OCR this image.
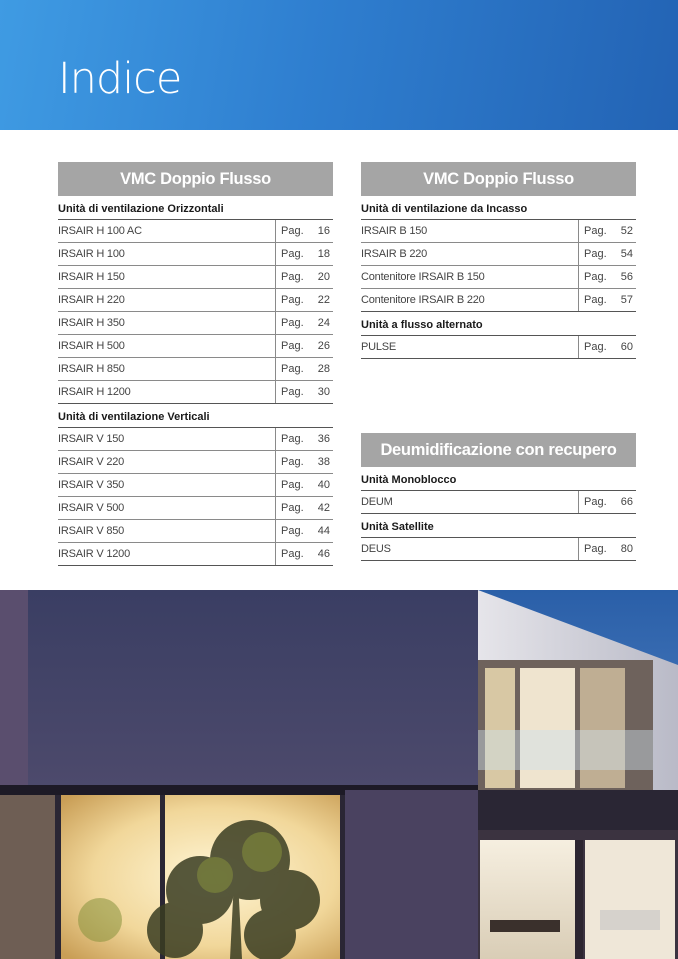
Indice
VMC Doppio Flusso
Unità di ventilazione Orizzontali
IRSAIR H 100 AC	Pag. 16
IRSAIR H 100	Pag. 18
IRSAIR H 150	Pag. 20
IRSAIR H 220	Pag. 22
IRSAIR H 350	Pag. 24
IRSAIR H 500	Pag. 26
IRSAIR H 850	Pag. 28
IRSAIR H 1200	Pag. 30
Unità di ventilazione Verticali
IRSAIR V 150	Pag. 36
IRSAIR V 220	Pag. 38
IRSAIR V 350	Pag. 40
IRSAIR V 500	Pag. 42
IRSAIR V 850	Pag. 44
IRSAIR V 1200	Pag. 46
VMC Doppio Flusso
Unità di ventilazione da Incasso
IRSAIR B 150	Pag. 52
IRSAIR B 220	Pag. 54
Contenitore IRSAIR B 150	Pag. 56
Contenitore IRSAIR B 220	Pag. 57
Unità a flusso alternato
PULSE	Pag. 60
Deumidificazione con recupero
Unità Monoblocco
DEUM	Pag. 66
Unità Satellite
DEUS	Pag. 80
